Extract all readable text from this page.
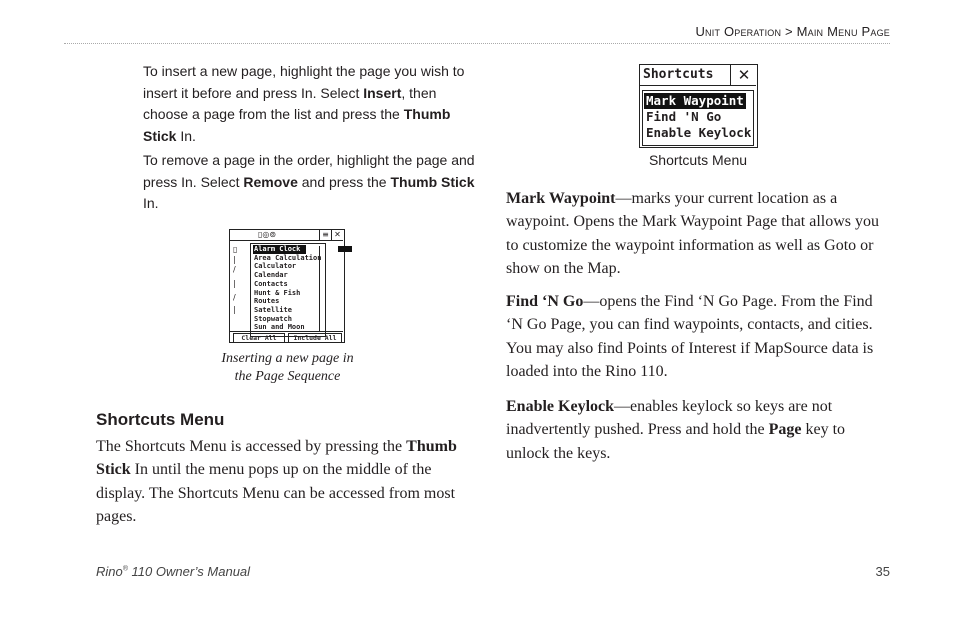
Unit Operation > Main Menu Page

To insert a new page, highlight the page you wish to insert it before and press In. Select Insert, then choose a page from the list and press the Thumb Stick In.

To remove a page in the order, highlight the page and press In. Select Remove and press the Thumb Stick In.

▯◎⊚	≡ ✕
▯
|
/
|
/
|
Alarm Clock
Area Calculation
Calculator
Calendar
Contacts
Hunt & Fish
Routes
Satellite
Stopwatch
Sun and Moon
Clear All	Include All
Inserting a new page in
the Page Sequence
Shortcuts Menu

The Shortcuts Menu is accessed by pressing the Thumb Stick In until the menu pops up on the middle of the display. The Shortcuts Menu can be accessed from most pages.

Shortcuts	✕
Mark Waypoint
Find 'N Go
Enable Keylock
Shortcuts Menu

Mark Waypoint—marks your current location as a waypoint. Opens the Mark Waypoint Page that allows you to customize the waypoint information as well as Goto or show on the Map.

Find ‘N Go—opens the Find ‘N Go Page. From the Find ‘N Go Page, you can find waypoints, contacts, and cities. You may also find Points of Interest if MapSource data is loaded into the Rino 110.

Enable Keylock—enables keylock so keys are not inadvertently pushed. Press and hold the Page key to unlock the keys.

Rino® 110 Owner’s Manual	35
